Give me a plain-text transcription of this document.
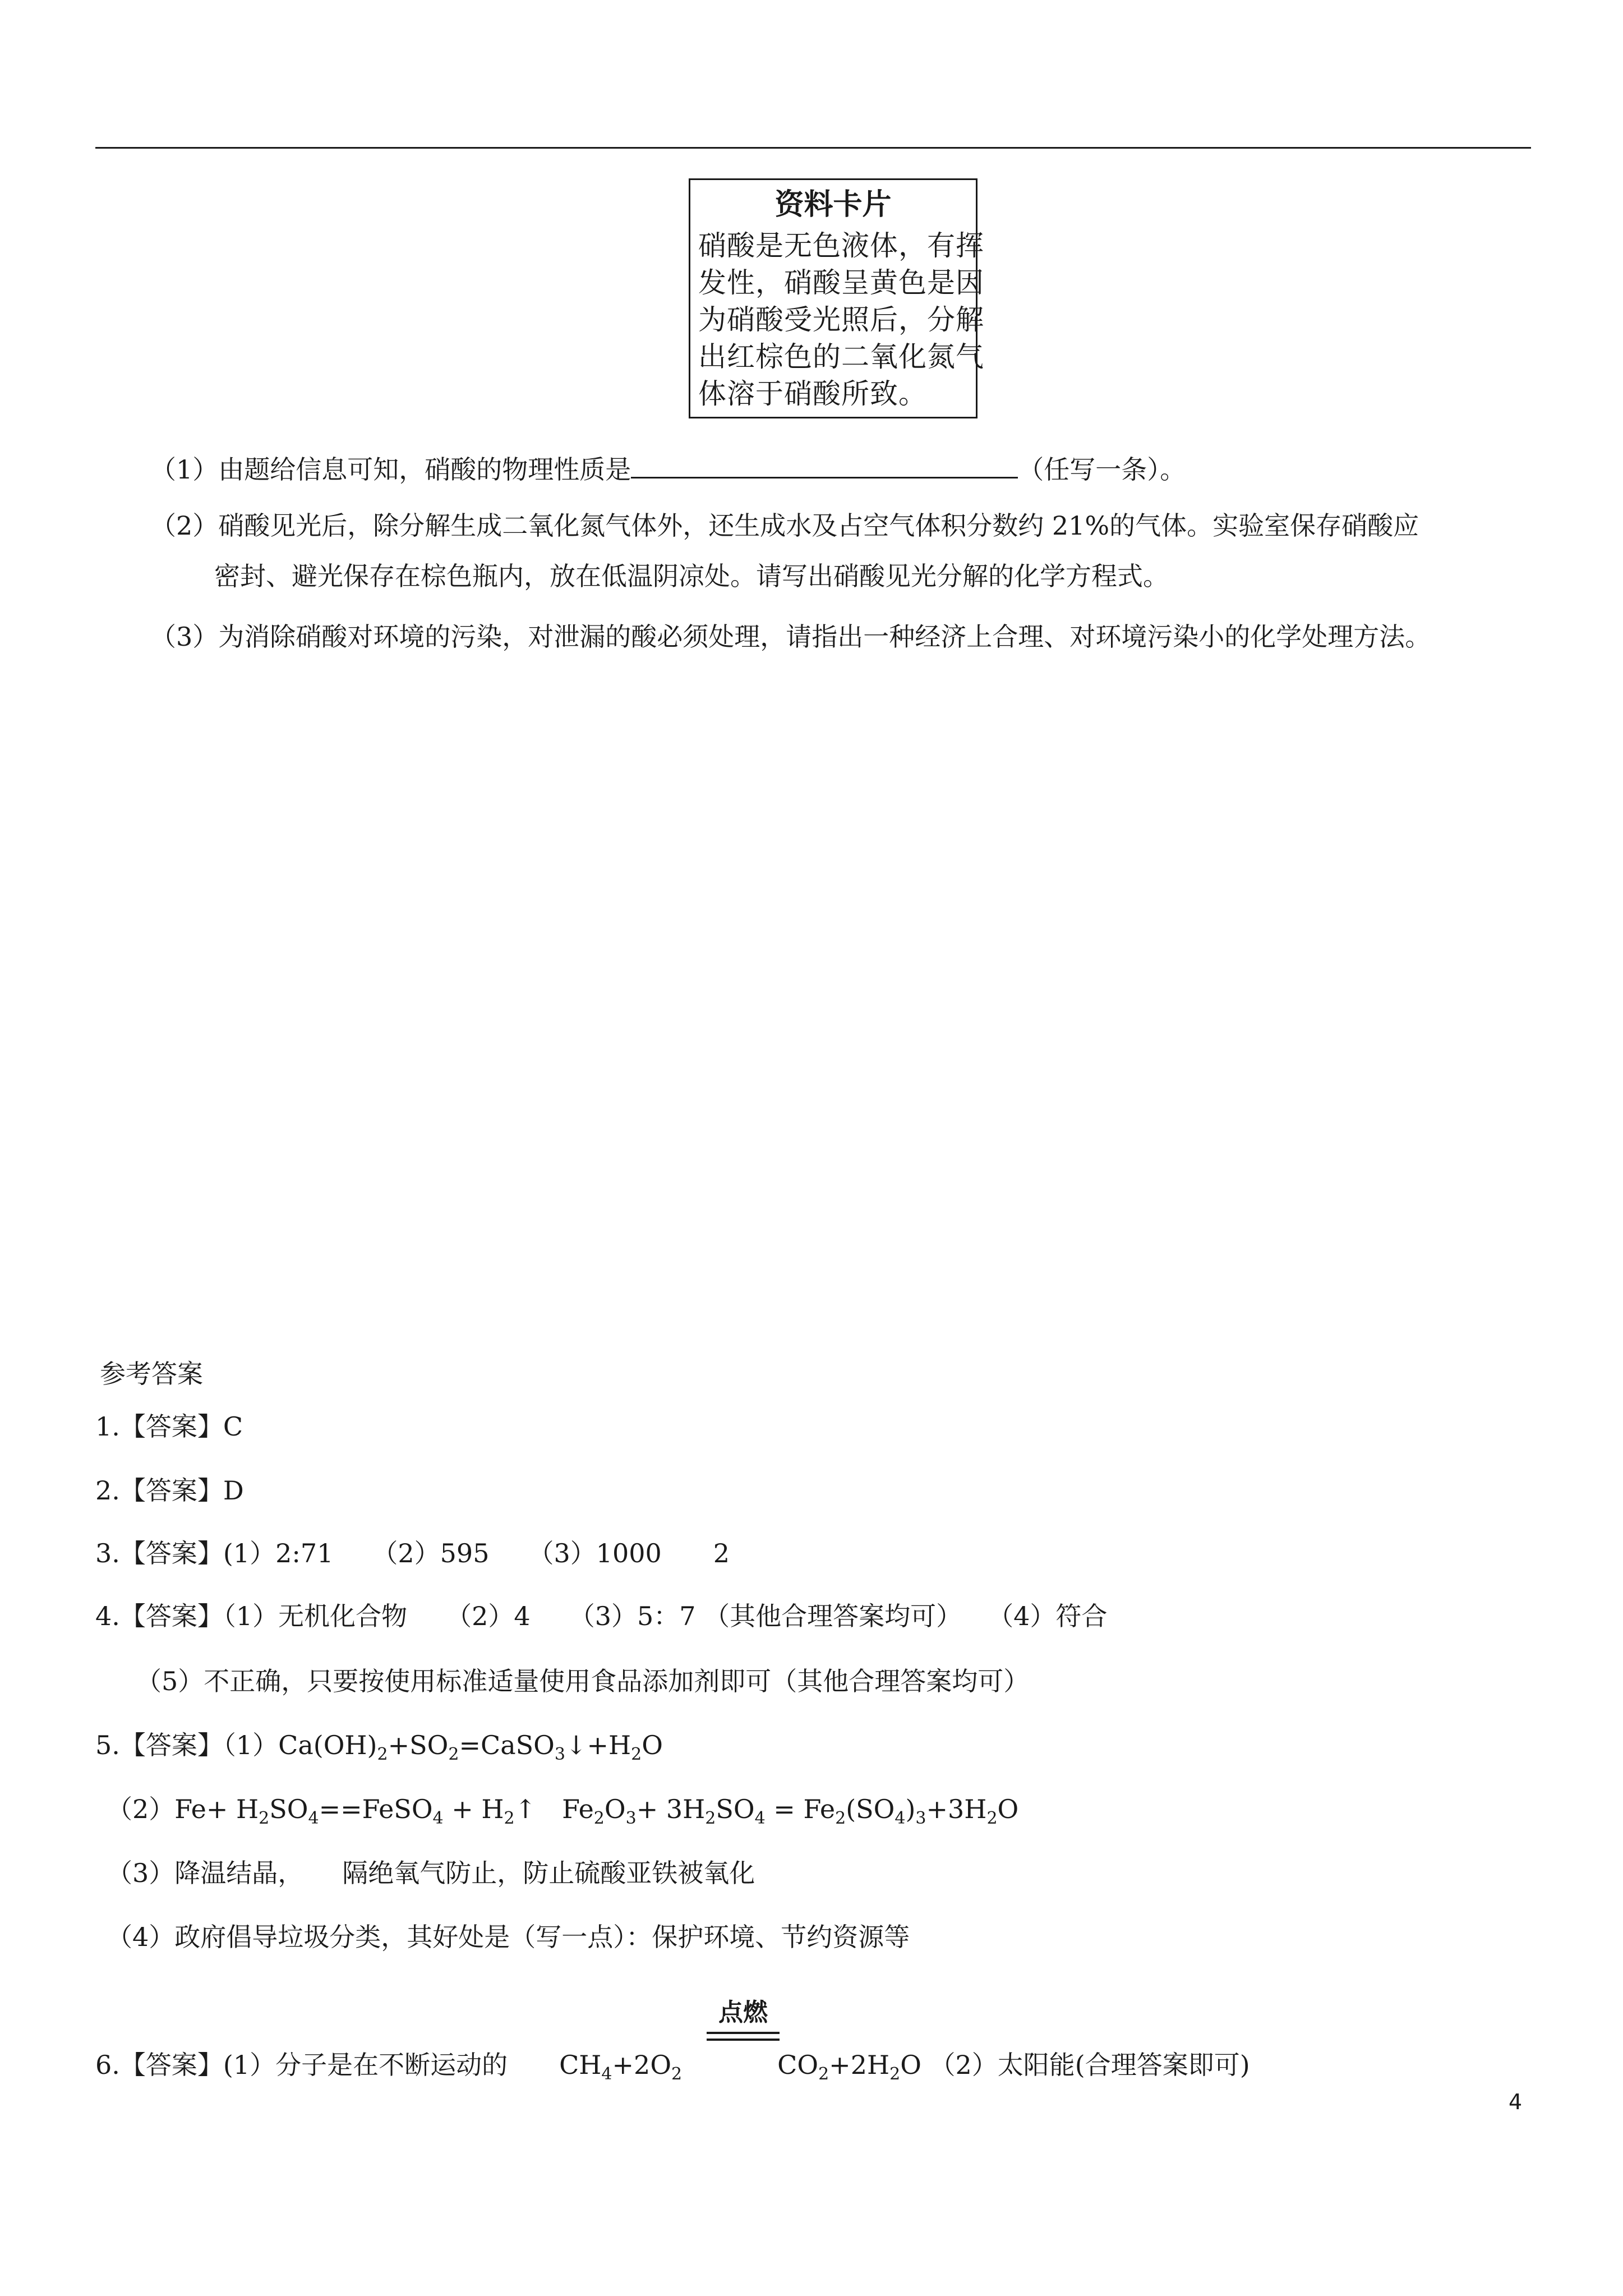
资料卡片
硝酸是无色液体，有挥
发性，硝酸呈黄色是因
为硝酸受光照后，分解
出红棕色的二氧化氮气
体溶于硝酸所致。
（1）由题给信息可知，硝酸的物理性质是	（任写一条）。
（2）硝酸见光后，除分解生成二氧化氮气体外，还生成水及占空气体积分数约 21%的气体。实验室保存硝酸应
密封、避光保存在棕色瓶内，放在低温阴凉处。请写出硝酸见光分解的化学方程式。
（3）为消除硝酸对环境的污染，对泄漏的酸必须处理，请指出一种经济上合理、对环境污染小的化学处理方法。
参考答案
1.【答案】C
2.【答案】D
3.【答案】(1）2:71　　（2）595　　（3）1000　　2
4.【答案】（1）无机化合物　　（2）4　　（3）5：7 （其他合理答案均可）　　（4）符合
（5）不正确，只要按使用标准适量使用食品添加剂即可（其他合理答案均可）
5.【答案】$(1)Ca(OH)_2+SO_2=CaSO_3↓+H_2O$
$(2)Fe+ H_2SO_4==FeSO_4$ + $H_2↑$　$Fe_2O_3+ 3H_2SO_4 = Fe_2(SO_4)_3+3H_2O$
（3）降温结晶，　　隔绝氧气防止，防止硫酸亚铁被氧化
（4）政府倡导垃圾分类，其好处是（写一点）：保护环境、节约资源等
点燃
6.【答案】(1）分子是在不断运动的　　$CH_4+2O_2$	$CO_2+2H_2O$ （2）太阳能(合理答案即可)
4
